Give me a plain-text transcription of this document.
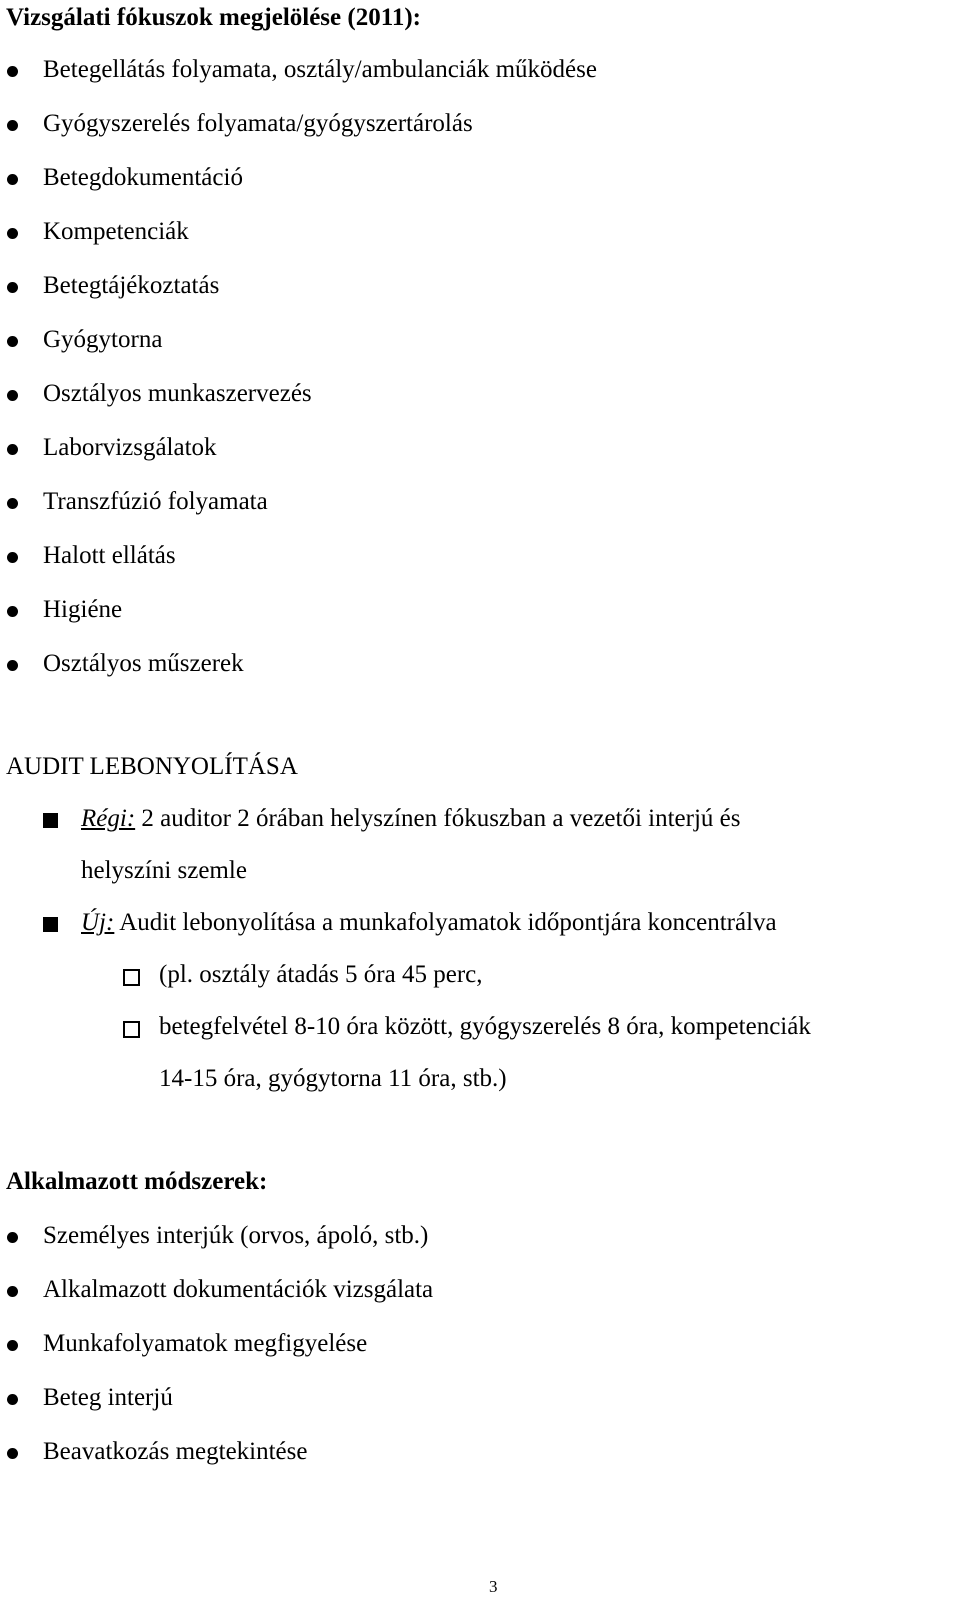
Vizsgálati fókuszok megjelölése (2011):
Betegellátás folyamata, osztály/ambulanciák működése
Gyógyszerelés folyamata/gyógyszertárolás
Betegdokumentáció
Kompetenciák
Betegtájékoztatás
Gyógytorna
Osztályos munkaszervezés
Laborvizsgálatok
Transzfúzió folyamata
Halott ellátás
Higiéne
Osztályos műszerek
AUDIT LEBONYOLÍTÁSA
Régi: 2 auditor 2 órában helyszínen fókuszban a vezetői interjú és
helyszíni szemle
Új: Audit lebonyolítása a munkafolyamatok időpontjára koncentrálva
(pl. osztály átadás 5 óra 45 perc,
betegfelvétel 8-10 óra között, gyógyszerelés 8 óra, kompetenciák
14-15 óra, gyógytorna 11 óra, stb.)
Alkalmazott módszerek:
Személyes interjúk (orvos, ápoló, stb.)
Alkalmazott dokumentációk vizsgálata
Munkafolyamatok megfigyelése
Beteg interjú
Beavatkozás megtekintése
3
